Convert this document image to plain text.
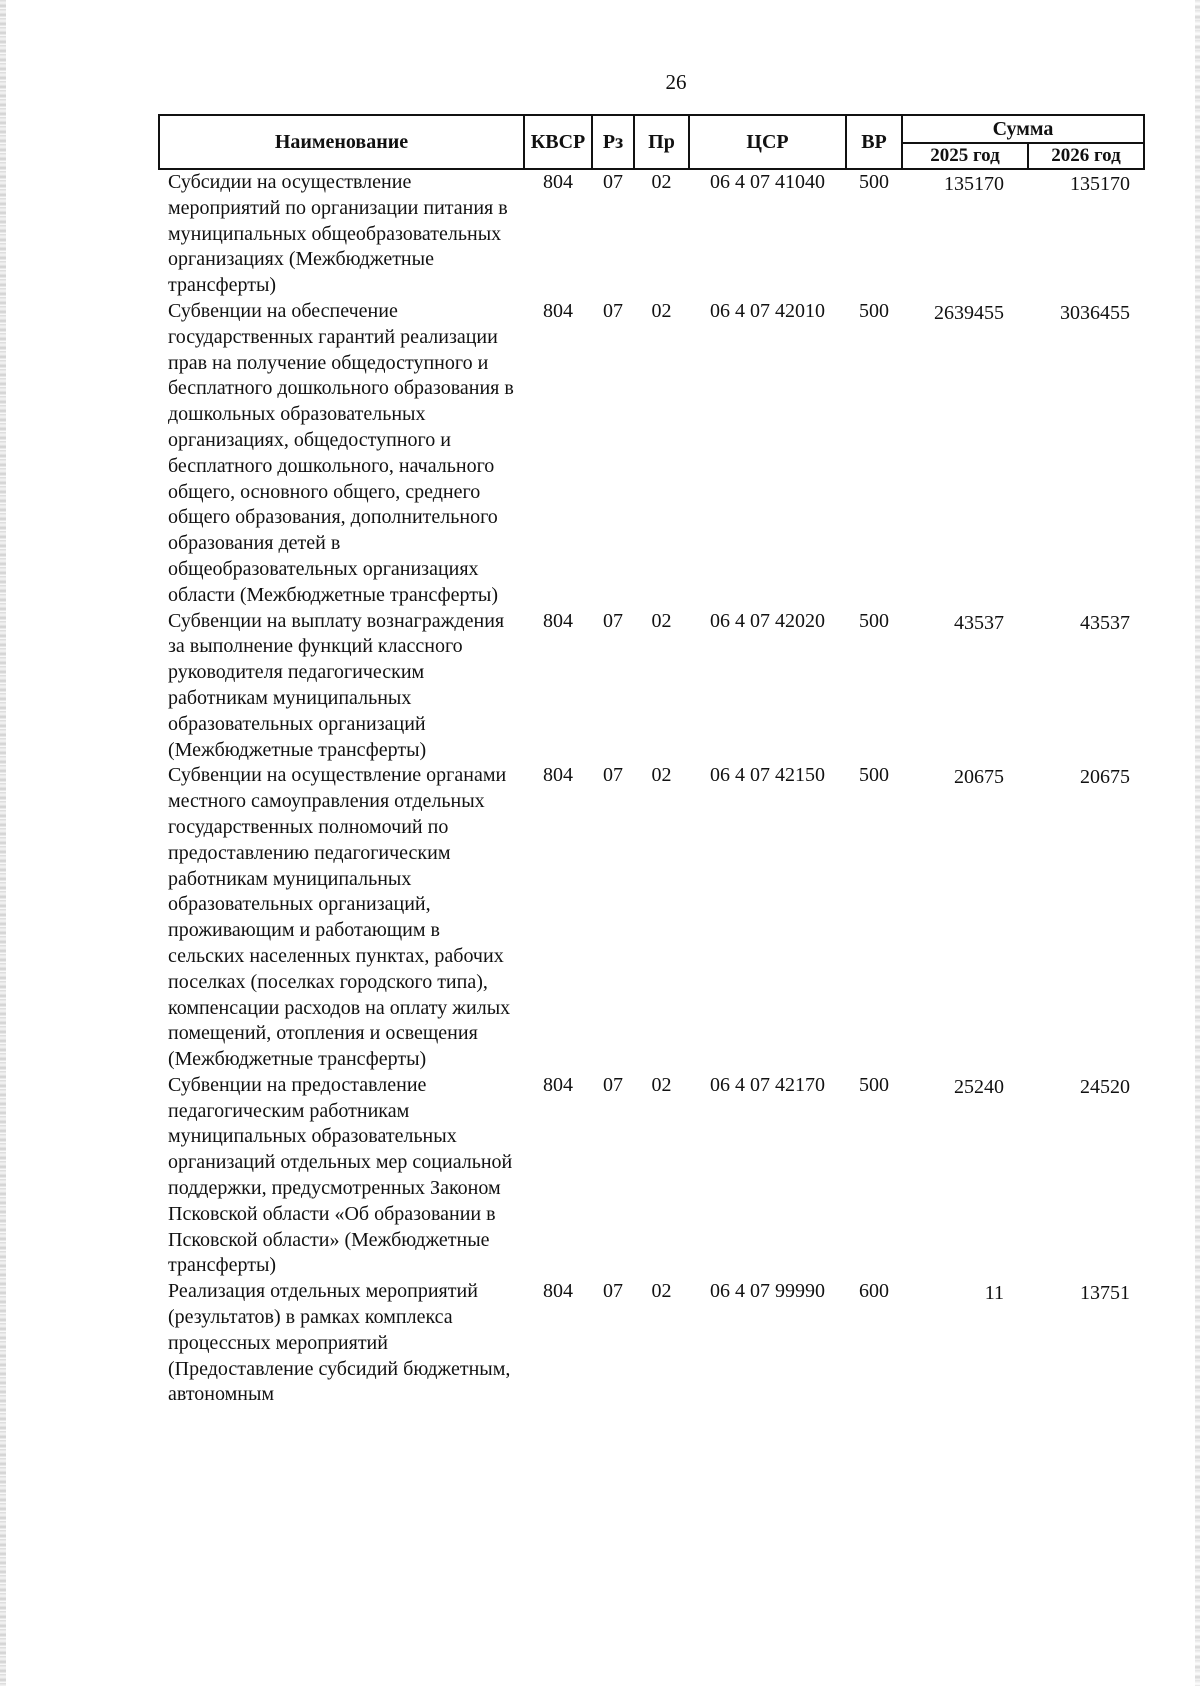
26
Наименование	КВСР	Рз	Пр	ЦСР	ВР	Сумма	
						2025 год	2026 год
Субсидии на осуществление мероприятий по организации питания в муниципальных общеобразовательных организациях (Межбюджетные трансферты)	804	07	02	06 4 07 41040	500	135170	135170
Субвенции на обеспечение государственных гарантий реализации прав на получение общедоступного и бесплатного дошкольного образования в дошкольных образовательных организациях, общедоступного и бесплатного дошкольного, начального общего, основного общего, среднего общего образования, дополнительного образования детей в общеобразовательных организациях области (Межбюджетные трансферты)	804	07	02	06 4 07 42010	500	2639455	3036455
Субвенции на выплату вознаграждения за выполнение функций классного руководителя педагогическим работникам муниципальных образовательных организаций (Межбюджетные трансферты)	804	07	02	06 4 07 42020	500	43537	43537
Субвенции на осуществление органами местного самоуправления отдельных государственных полномочий по предоставлению педагогическим работникам муниципальных образовательных организаций, проживающим и работающим в сельских населенных пунктах, рабочих поселках (поселках городского типа), компенсации расходов на оплату жилых помещений, отопления и освещения (Межбюджетные трансферты)	804	07	02	06 4 07 42150	500	20675	20675
Субвенции на предоставление педагогическим работникам муниципальных образовательных организаций отдельных мер социальной поддержки, предусмотренных Законом Псковской области «Об образовании в Псковской области» (Межбюджетные трансферты)	804	07	02	06 4 07 42170	500	25240	24520
Реализация отдельных мероприятий (результатов) в рамках комплекса процессных мероприятий (Предоставление субсидий бюджетным, автономным	804	07	02	06 4 07 99990	600	11	13751
